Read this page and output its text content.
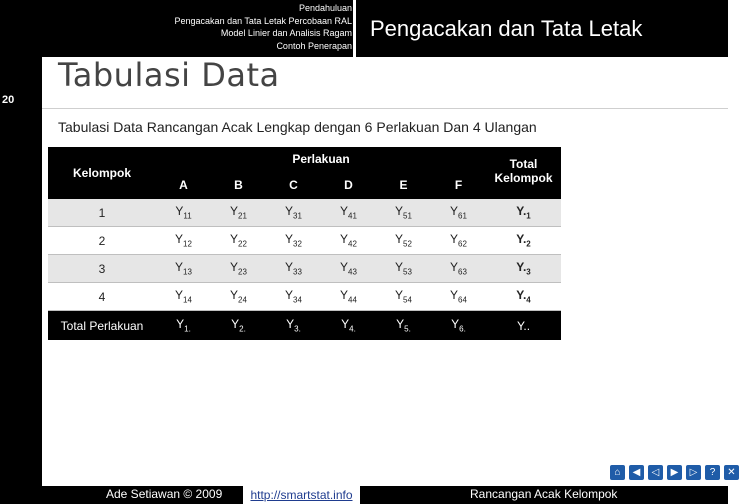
Pendahuluan
Pengacakan dan Tata Letak Percobaan RAL
Model Linier dan Analisis Ragam
Contoh Penerapan
Pengacakan dan Tata Letak
20
Tabulasi Data
Tabulasi Data Rancangan Acak Lengkap dengan 6 Perlakuan Dan 4 Ulangan
Kelompok	Perlakuan						Total
	A	B	C	D	E	F	Kelompok
1	$Y_{11}$	$Y_{21}$	$Y_{31}$	$Y_{41}$	$Y_{51}$	$Y_{61}$	$Y._1$
2	$Y_{12}$	$Y_{22}$	$Y_{32}$	$Y_{42}$	$Y_{52}$	$Y_{62}$	$Y._2$
3	$Y_{13}$	$Y_{23}$	$Y_{33}$	$Y_{43}$	$Y_{53}$	$Y_{63}$	$Y._3$
4	$Y_{14}$	$Y_{24}$	$Y_{34}$	$Y_{44}$	$Y_{54}$	$Y_{64}$	$Y._4$
Total Perlakuan	$Y_{1.}$	$Y_{2.}$	$Y_{3.}$	$Y_{4.}$	$Y_{5.}$	$Y_{6.}$	Y..
⌂	◀	◁	▶	▷	?	✕
Ade Setiawan © 2009	http://smartstat.info	Rancangan Acak Kelompok
